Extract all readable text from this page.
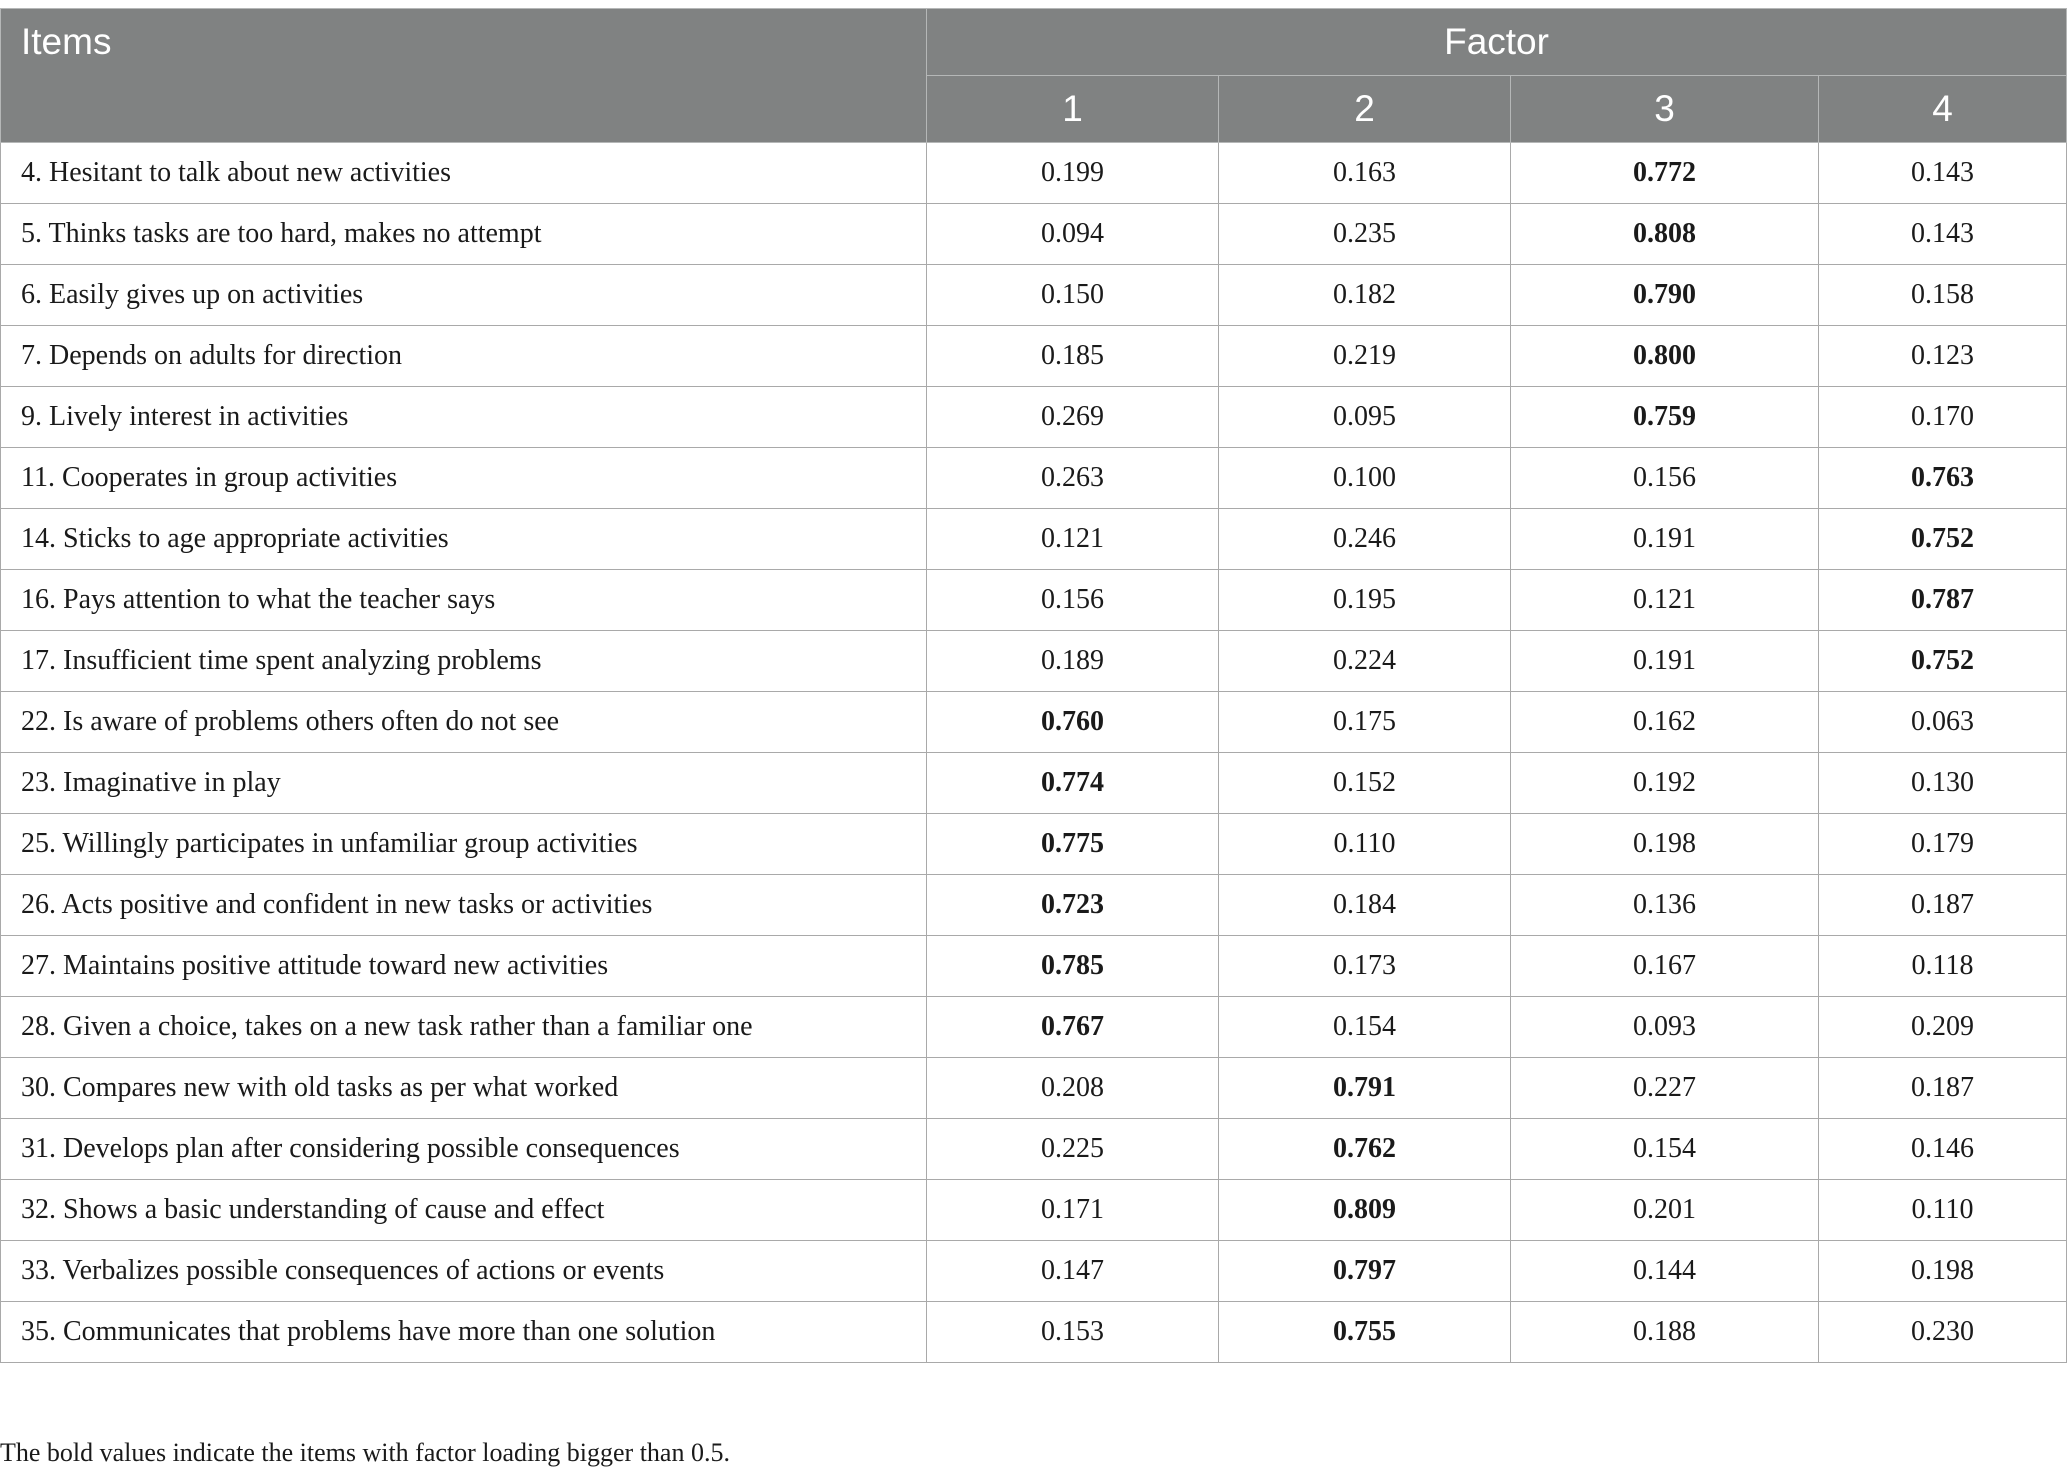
Items	Factor			
	1	2	3	4
4. Hesitant to talk about new activities	0.199	0.163	0.772	0.143
5. Thinks tasks are too hard, makes no attempt	0.094	0.235	0.808	0.143
6. Easily gives up on activities	0.150	0.182	0.790	0.158
7. Depends on adults for direction	0.185	0.219	0.800	0.123
9. Lively interest in activities	0.269	0.095	0.759	0.170
11. Cooperates in group activities	0.263	0.100	0.156	0.763
14. Sticks to age appropriate activities	0.121	0.246	0.191	0.752
16. Pays attention to what the teacher says	0.156	0.195	0.121	0.787
17. Insufficient time spent analyzing problems	0.189	0.224	0.191	0.752
22. Is aware of problems others often do not see	0.760	0.175	0.162	0.063
23. Imaginative in play	0.774	0.152	0.192	0.130
25. Willingly participates in unfamiliar group activities	0.775	0.110	0.198	0.179
26. Acts positive and confident in new tasks or activities	0.723	0.184	0.136	0.187
27. Maintains positive attitude toward new activities	0.785	0.173	0.167	0.118
28. Given a choice, takes on a new task rather than a familiar one	0.767	0.154	0.093	0.209
30. Compares new with old tasks as per what worked	0.208	0.791	0.227	0.187
31. Develops plan after considering possible consequences	0.225	0.762	0.154	0.146
32. Shows a basic understanding of cause and effect	0.171	0.809	0.201	0.110
33. Verbalizes possible consequences of actions or events	0.147	0.797	0.144	0.198
35. Communicates that problems have more than one solution	0.153	0.755	0.188	0.230

The bold values indicate the items with factor loading bigger than 0.5.
